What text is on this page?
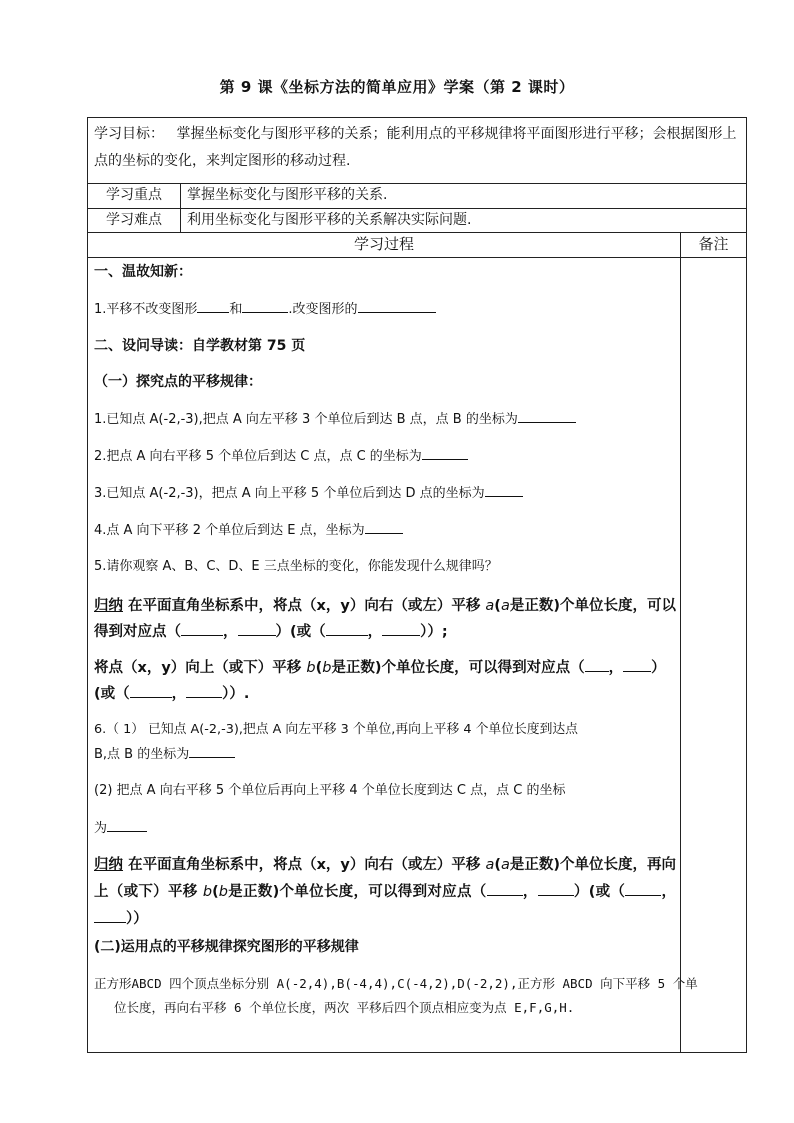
第 9 课《坐标方法的简单应用》学案（第 2 课时）
学习目标： 掌握坐标变化与图形平移的关系；能利用点的平移规律将平面图形进行平移；会根据图形上点的坐标的变化，来判定图形的移动过程.
学习重点	掌握坐标变化与图形平移的关系.
学习难点	利用坐标变化与图形平移的关系解决实际问题.
学习过程	备注
一、温故知新：
1.平移不改变图形 和	.改变图形的
二、设问导读：自学教材第 75 页
（一）探究点的平移规律：
1.已知点 A(-2,-3),把点 A 向左平移 3 个单位后到达 B 点，点 B 的坐标为
2.把点 A 向右平移 5 个单位后到达 C 点，点 C 的坐标为
3.已知点 A(-2,-3)，把点 A 向上平移 5 个单位后到达 D 点的坐标为
4.点 A 向下平移 2 个单位后到达 E 点，坐标为
5.请你观察 A、B、C、D、E 三点坐标的变化，你能发现什么规律吗？
归纳 在平面直角坐标系中，将点（x，y）向右（或左）平移 a(a是正数)个单位长度，可以得到对应点（	，	）(或（	，	））;
将点（x，y）向上（或下）平移 b(b是正数)个单位长度，可以得到对应点（ ， ）(或（	， ））.
6.（ 1） 已知点 A(-2,-3),把点 A 向左平移 3 个单位,再向上平移 4 个单位长度到达点
B,点 B 的坐标为
(2) 把点 A 向右平移 5 个单位后再向上平移 4 个单位长度到达 C 点，点 C 的坐标
为
归纳 在平面直角坐标系中，将点（x，y）向右（或左）平移 a(a是正数)个单位长度，再向上（或下）平移 b(b是正数)个单位长度，可以得到对应点（ ， ）(或（ ，））
(二)运用点的平移规律探究图形的平移规律
正方形ABCD 四个顶点坐标分别 A(-2,4),B(-4,4),C(-4,2),D(-2,2),正方形 ABCD 向下平移 5 个单位长度，再向右平移 6 个单位长度，两次 平移后四个顶点相应变为点 E,F,G,H.
